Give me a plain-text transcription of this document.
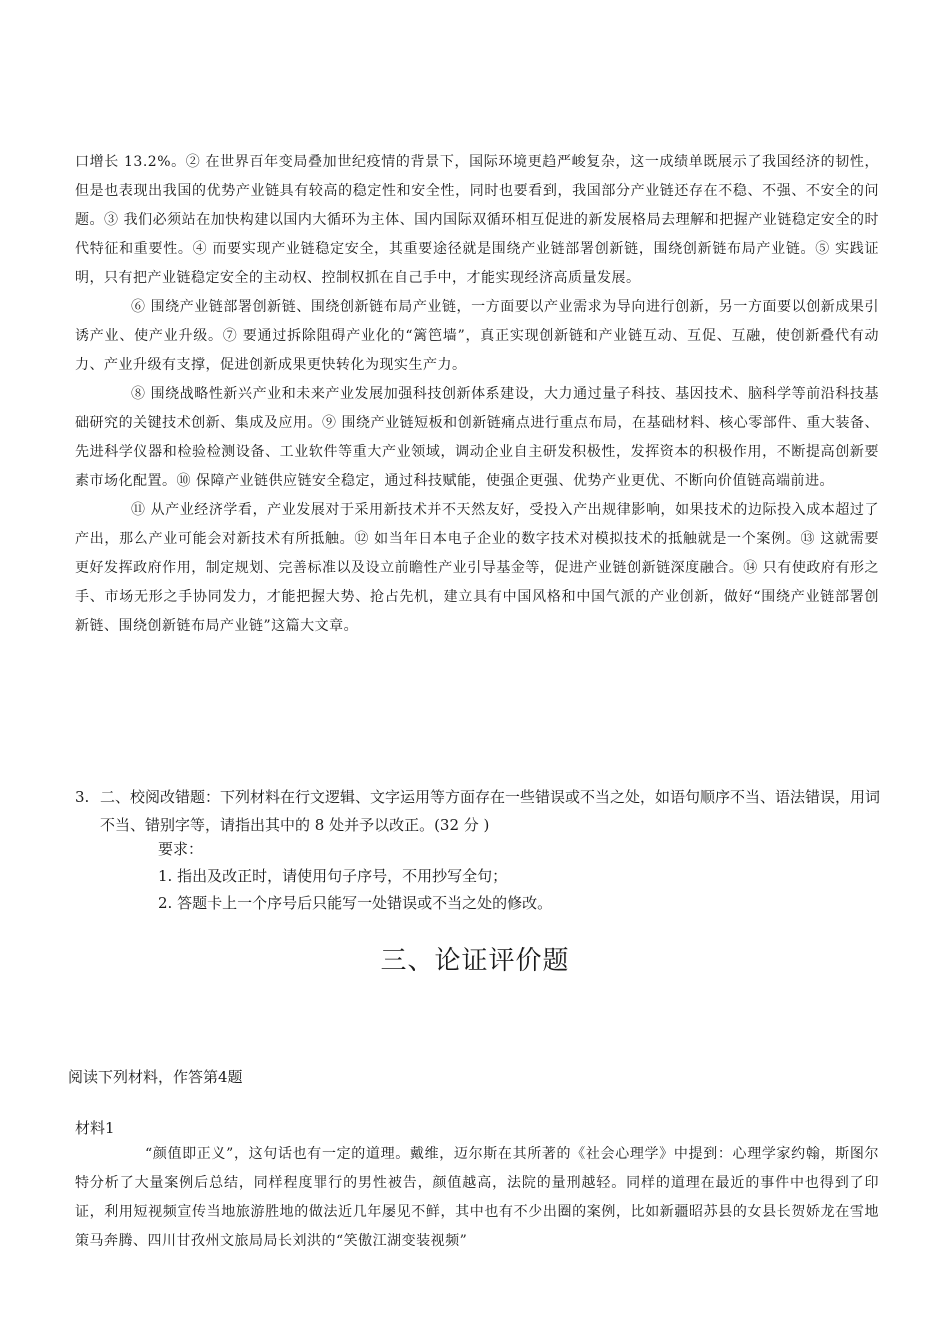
口增长 13.2%。② 在世界百年变局叠加世纪疫情的背景下，国际环境更趋严峻复杂，这一成绩单既展示了我国经济的韧性，但是也表现出我国的优势产业链具有较高的稳定性和安全性，同时也要看到，我国部分产业链还存在不稳、不强、不安全的问题。③ 我们必须站在加快构建以国内大循环为主体、国内国际双循环相互促进的新发展格局去理解和把握产业链稳定安全的时代特征和重要性。④ 而要实现产业链稳定安全，其重要途径就是围绕产业链部署创新链，围绕创新链布局产业链。⑤ 实践证明，只有把产业链稳定安全的主动权、控制权抓在自己手中，才能实现经济高质量发展。

⑥ 围绕产业链部署创新链、围绕创新链布局产业链，一方面要以产业需求为导向进行创新，另一方面要以创新成果引诱产业、使产业升级。⑦ 要通过拆除阻碍产业化的“篱笆墙”，真正实现创新链和产业链互动、互促、互融，使创新叠代有动力、产业升级有支撑，促进创新成果更快转化为现实生产力。

⑧ 围绕战略性新兴产业和未来产业发展加强科技创新体系建设，大力通过量子科技、基因技术、脑科学等前沿科技基础研究的关键技术创新、集成及应用。⑨ 围绕产业链短板和创新链痛点进行重点布局，在基础材料、核心零部件、重大装备、先进科学仪器和检验检测设备、工业软件等重大产业领域，调动企业自主研发积极性，发挥资本的积极作用，不断提高创新要素市场化配置。⑩ 保障产业链供应链安全稳定，通过科技赋能，使强企更强、优势产业更优、不断向价值链高端前进。

⑪ 从产业经济学看，产业发展对于采用新技术并不天然友好，受投入产出规律影响，如果技术的边际投入成本超过了产出，那么产业可能会对新技术有所抵触。⑫ 如当年日本电子企业的数字技术对模拟技术的抵触就是一个案例。⑬ 这就需要更好发挥政府作用，制定规划、完善标准以及设立前瞻性产业引导基金等，促进产业链创新链深度融合。⑭ 只有使政府有形之手、市场无形之手协同发力，才能把握大势、抢占先机，建立具有中国风格和中国气派的产业创新，做好“围绕产业链部署创新链、围绕创新链布局产业链”这篇大文章。

3. 二、校阅改错题：下列材料在行文逻辑、文字运用等方面存在一些错误或不当之处，如语句顺序不当、语法错误，用词不当、错别字等，请指出其中的 8 处并予以改正。(32 分 )
要求：
1. 指出及改正时，请使用句子序号，不用抄写全句；
2. 答题卡上一个序号后只能写一处错误或不当之处的修改。
三、论证评价题
阅读下列材料，作答第4题
材料1

“颜值即正义”，这句话也有一定的道理。戴维，迈尔斯在其所著的《社会心理学》中提到：心理学家约翰，斯图尔特分析了大量案例后总结，同样程度罪行的男性被告，颜值越高，法院的量刑越轻。同样的道理在最近的事件中也得到了印证，利用短视频宣传当地旅游胜地的做法近几年屡见不鲜，其中也有不少出圈的案例，比如新疆昭苏县的女县长贺娇龙在雪地策马奔腾、四川甘孜州文旅局局长刘洪的“笑傲江湖变装视频”
